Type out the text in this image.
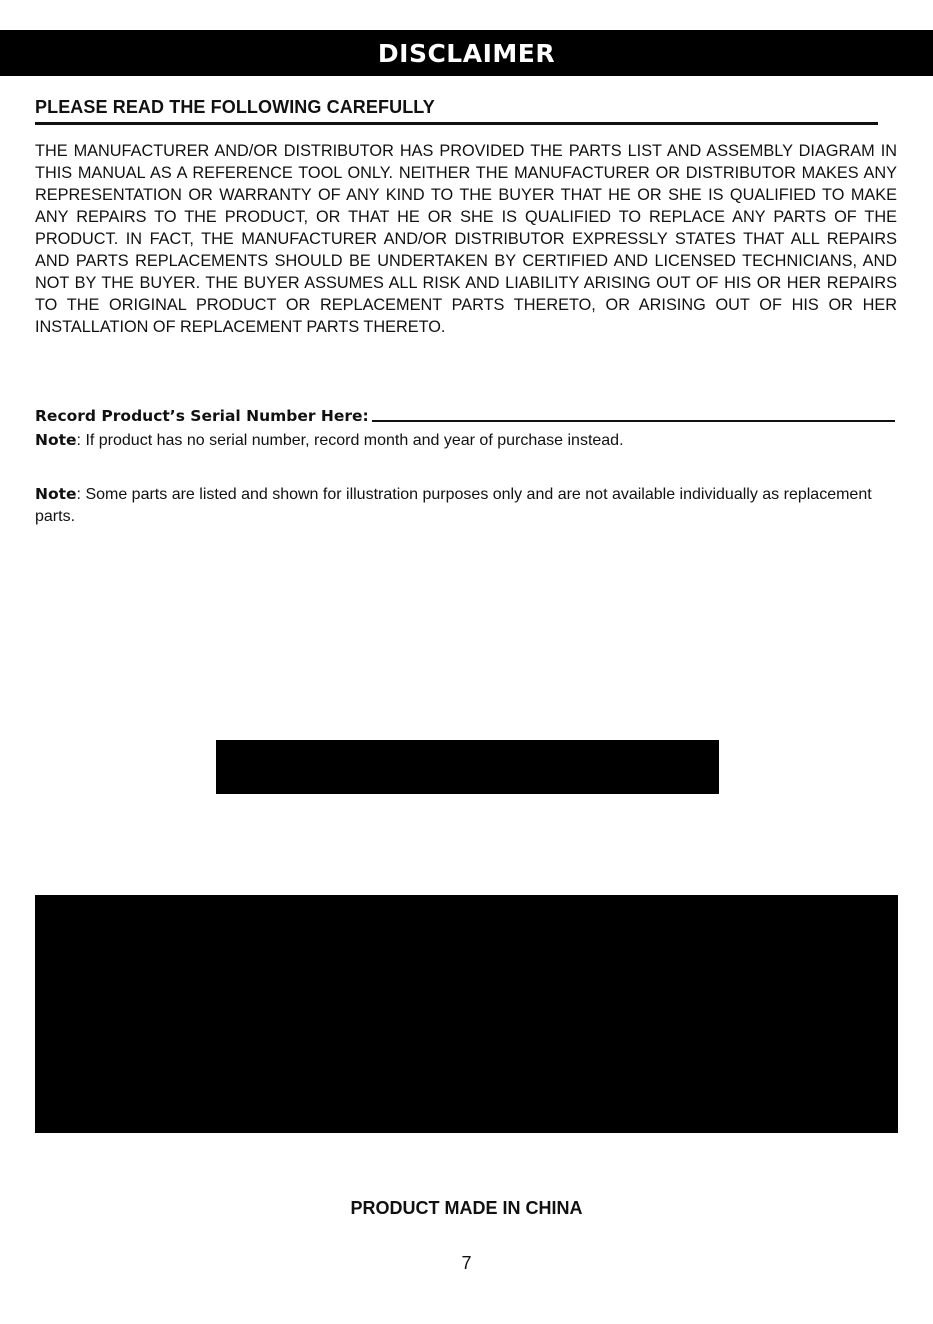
DISCLAIMER
PLEASE READ THE FOLLOWING CAREFULLY

THE MANUFACTURER AND/OR DISTRIBUTOR HAS PROVIDED THE PARTS LIST AND ASSEMBLY DIAGRAM IN THIS MANUAL AS A REFERENCE TOOL ONLY. NEITHER THE MANUFACTURER OR DISTRIBUTOR MAKES ANY REPRESENTATION OR WARRANTY OF ANY KIND TO THE BUYER THAT HE OR SHE IS QUALIFIED TO MAKE ANY REPAIRS TO THE PRODUCT, OR THAT HE OR SHE IS QUALIFIED TO REPLACE ANY PARTS OF THE PRODUCT. IN FACT, THE MANUFACTURER AND/OR DISTRIBUTOR EXPRESSLY STATES THAT ALL REPAIRS AND PARTS REPLACEMENTS SHOULD BE UNDERTAKEN BY CERTIFIED AND LICENSED TECHNICIANS, AND NOT BY THE BUYER. THE BUYER ASSUMES ALL RISK AND LIABILITY ARISING OUT OF HIS OR HER REPAIRS TO THE ORIGINAL PRODUCT OR REPLACEMENT PARTS THERETO, OR ARISING OUT OF HIS OR HER INSTALLATION OF REPLACEMENT PARTS THERETO.

Record Product’s Serial Number Here:

Note: If product has no serial number, record month and year of purchase instead.

Note: Some parts are listed and shown for illustration purposes only and are not available individually as replacement parts.

PRODUCT MADE IN CHINA
7
